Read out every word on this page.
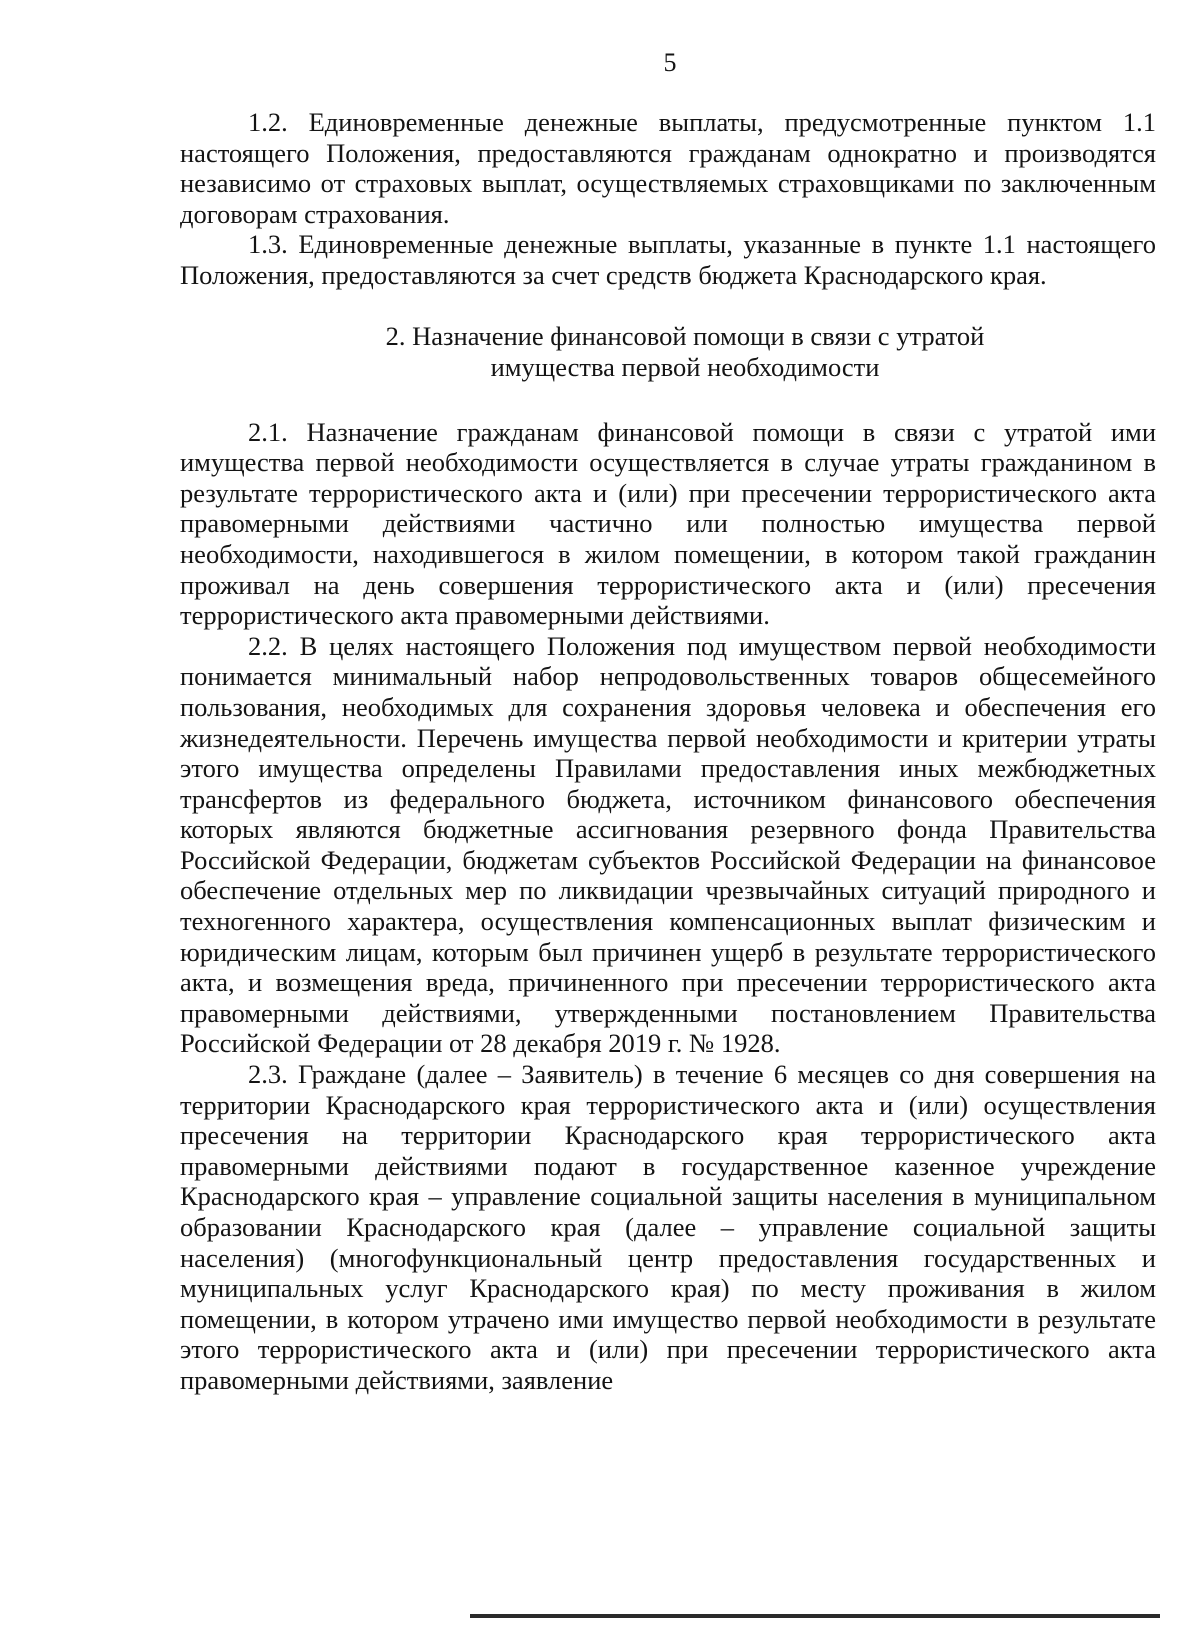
5

1.2. Единовременные денежные выплаты, предусмотренные пунктом 1.1 настоящего Положения, предоставляются гражданам однократно и производятся независимо от страховых выплат, осуществляемых страховщиками по заключенным договорам страхования.

1.3. Единовременные денежные выплаты, указанные в пункте 1.1 настоящего Положения, предоставляются за счет средств бюджета Краснодарского края.

2. Назначение финансовой помощи в связи с утратой
имущества первой необходимости

2.1. Назначение гражданам финансовой помощи в связи с утратой ими имущества первой необходимости осуществляется в случае утраты гражданином в результате террористического акта и (или) при пресечении террористического акта правомерными действиями частично или полностью имущества первой необходимости, находившегося в жилом помещении, в котором такой гражданин проживал на день совершения террористического акта и (или) пресечения террористического акта правомерными действиями.

2.2. В целях настоящего Положения под имуществом первой необходимости понимается минимальный набор непродовольственных товаров общесемейного пользования, необходимых для сохранения здоровья человека и обеспечения его жизнедеятельности. Перечень имущества первой необходимости и критерии утраты этого имущества определены Правилами предоставления иных межбюджетных трансфертов из федерального бюджета, источником финансового обеспечения которых являются бюджетные ассигнования резервного фонда Правительства Российской Федерации, бюджетам субъектов Российской Федерации на финансовое обеспечение отдельных мер по ликвидации чрезвычайных ситуаций природного и техногенного характера, осуществления компенсационных выплат физическим и юридическим лицам, которым был причинен ущерб в результате террористического акта, и возмещения вреда, причиненного при пресечении террористического акта правомерными действиями, утвержденными постановлением Правительства Российской Федерации от 28 декабря 2019 г. № 1928.

2.3. Граждане (далее – Заявитель) в течение 6 месяцев со дня совершения на территории Краснодарского края террористического акта и (или) осуществления пресечения на территории Краснодарского края террористического акта правомерными действиями подают в государственное казенное учреждение Краснодарского края – управление социальной защиты населения в муниципальном образовании Краснодарского края (далее – управление социальной защиты населения) (многофункциональный центр предоставления государственных и муниципальных услуг Краснодарского края) по месту проживания в жилом помещении, в котором утрачено ими имущество первой необходимости в результате этого террористического акта и (или) при пресечении террористического акта правомерными действиями, заявление
